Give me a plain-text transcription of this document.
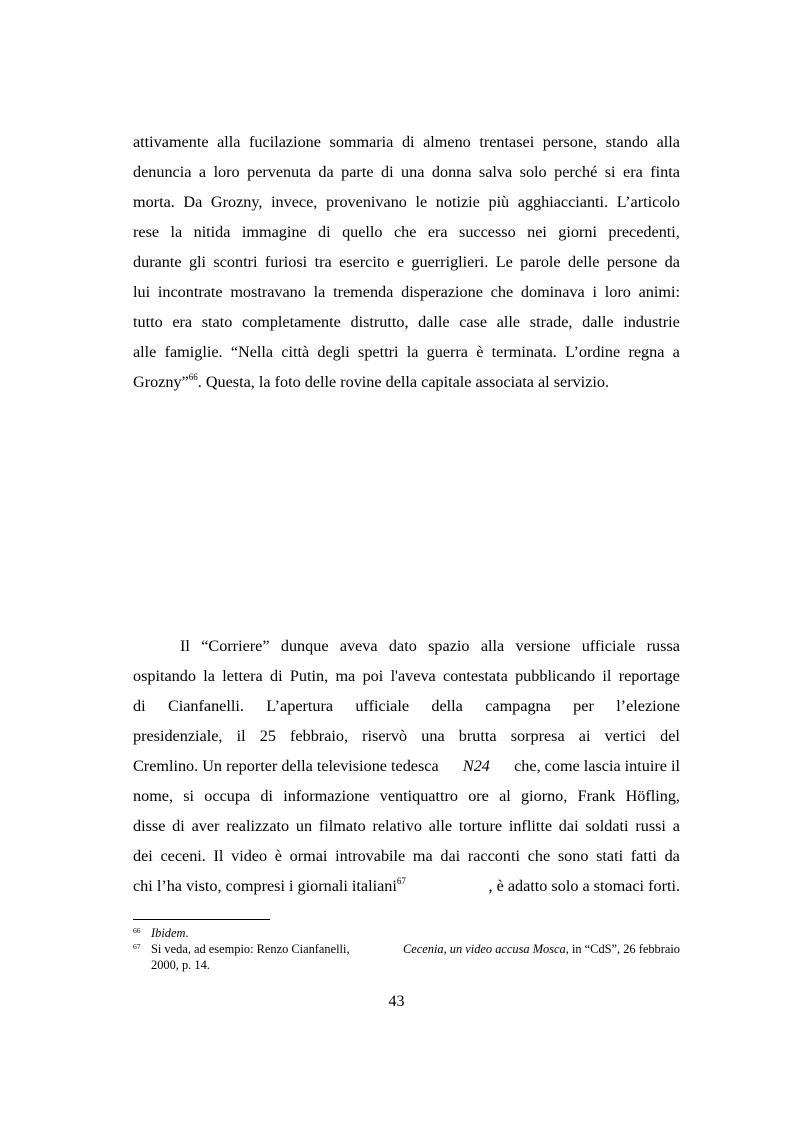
attivamente alla fucilazione sommaria di almeno trentasei persone, stando alla
denuncia a loro pervenuta da parte di una donna salva solo perché si era finta
morta. Da Grozny, invece, provenivano le notizie più agghiaccianti. L’articolo
rese la nitida immagine di quello che era successo nei giorni precedenti,
durante gli scontri furiosi tra esercito e guerriglieri. Le parole delle persone da
lui incontrate mostravano la tremenda disperazione che dominava i loro animi:
tutto era stato completamente distrutto, dalle case alle strade, dalle industrie
alle famiglie. “Nella città degli spettri la guerra è terminata. L’ordine regna a
Grozny”$^{66}$. Questa, la foto delle rovine della capitale associata al servizio.
Il “Corriere” dunque aveva dato spazio alla versione ufficiale russa
ospitando la lettera di Putin, ma poi l'aveva contestata pubblicando il reportage
di Cianfanelli. L’apertura ufficiale della campagna per l’elezione
presidenziale, il 25 febbraio, riservò una brutta sorpresa ai vertici del
Cremlino. Un reporter della televisione tedesca N24 che, come lascia intuire il
nome, si occupa di informazione ventiquattro ore al giorno, Frank Höfling,
disse di aver realizzato un filmato relativo alle torture inflitte dai soldati russi a
dei ceceni. Il video è ormai introvabile ma dai racconti che sono stati fatti da
chi l’ha visto, compresi i giornali italiani$^{67}$	, è adatto solo a stomaci forti.
66 Ibidem.
67 Si veda, ad esempio: Renzo Cianfanelli,	Cecenia, un video accusa Mosca, in “CdS”, 26 febbraio
2000, p. 14.
43
